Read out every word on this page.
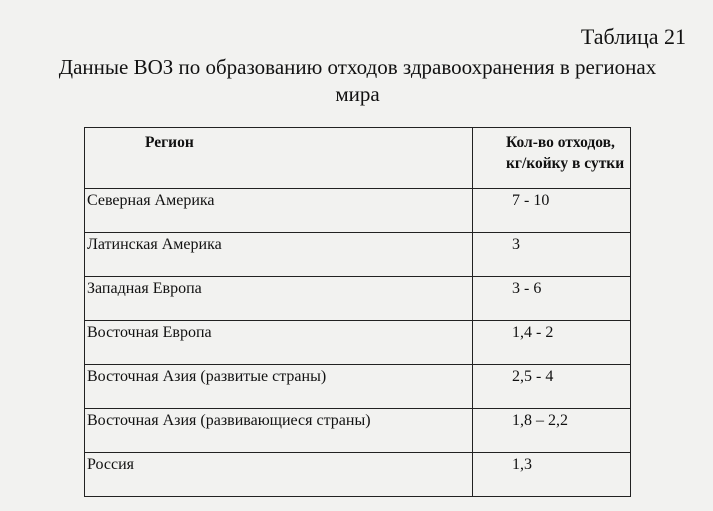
Таблица 21
Данные ВОЗ по образованию отходов здравоохранения в регионах
мира
Регион	Кол-во отходов,
кг/койку в сутки

Северная Америка	7 - 10
Латинская Америка	3
Западная Европа	3 - 6
Восточная Европа	1,4 - 2
Восточная Азия (развитые страны)	2,5 - 4
Восточная Азия (развивающиеся страны)	1,8 – 2,2
Россия	1,3
